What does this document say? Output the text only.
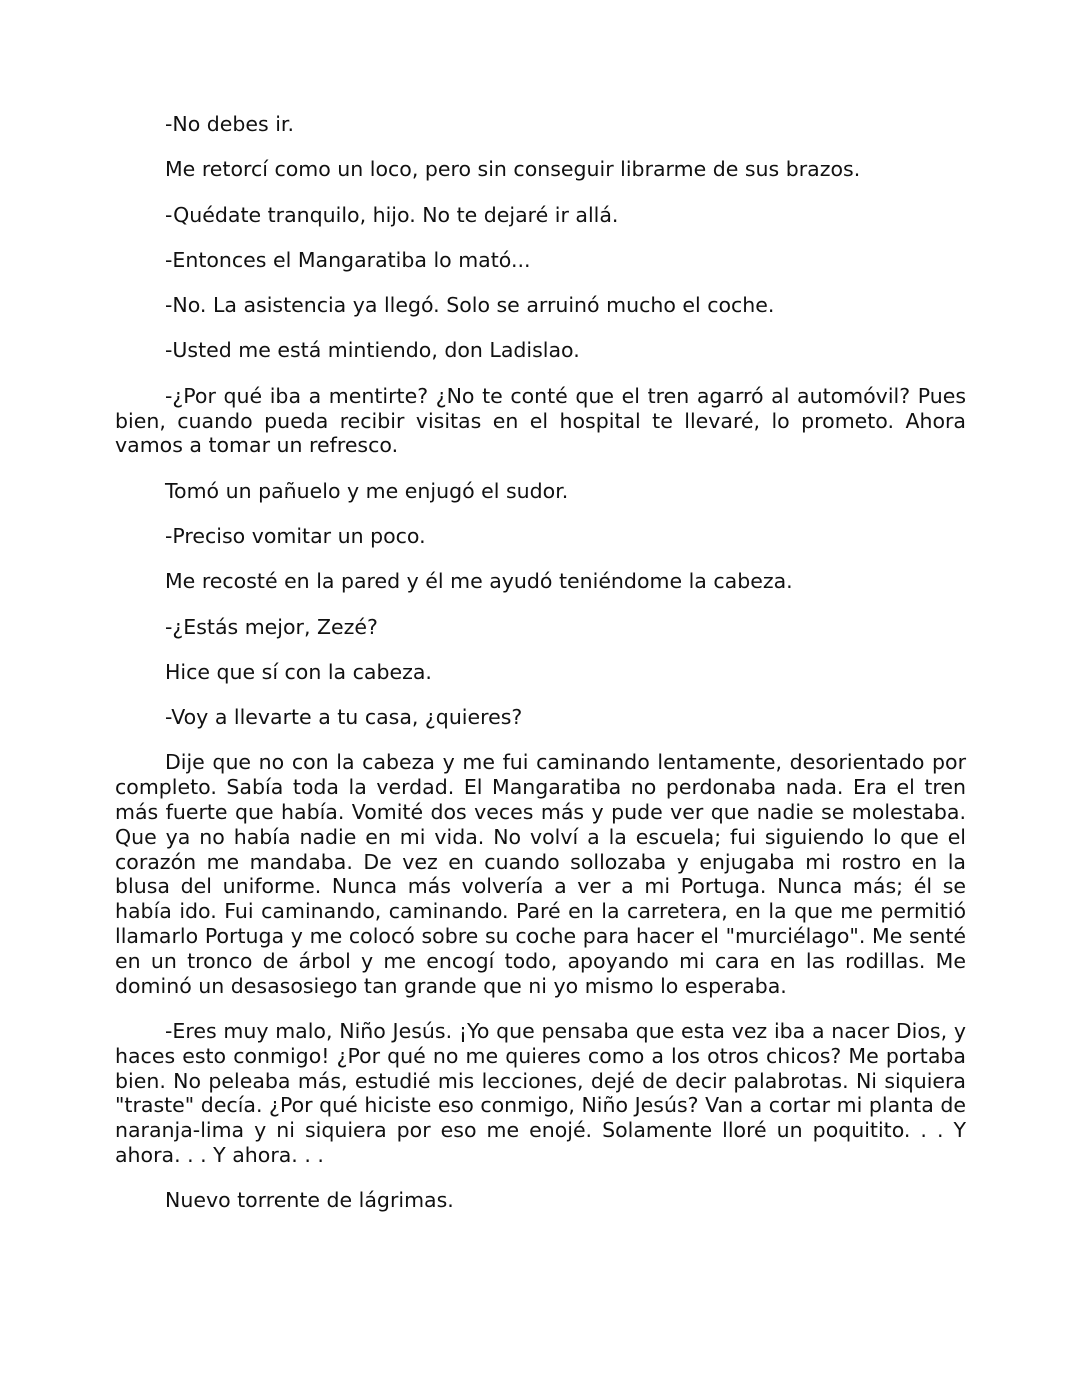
-No debes ir.

Me retorcí como un loco, pero sin conseguir librarme de sus brazos.

-Quédate tranquilo, hijo. No te dejaré ir allá.

-Entonces el Mangaratiba lo mató...

-No. La asistencia ya llegó. Solo se arruinó mucho el coche.

-Usted me está mintiendo, don Ladislao.

-¿Por qué iba a mentirte? ¿No te conté que el tren agarró al automóvil? Pues bien, cuando pueda recibir visitas en el hospital te llevaré, lo prometo. Ahora vamos a tomar un refresco.

Tomó un pañuelo y me enjugó el sudor.

-Preciso vomitar un poco.

Me recosté en la pared y él me ayudó teniéndome la cabeza.

-¿Estás mejor, Zezé?

Hice que sí con la cabeza.

-Voy a llevarte a tu casa, ¿quieres?

Dije que no con la cabeza y me fui caminando lentamente, desorientado por completo. Sabía toda la verdad. El Mangaratiba no perdonaba nada. Era el tren más fuerte que había. Vomité dos veces más y pude ver que nadie se molestaba. Que ya no había nadie en mi vida. No volví a la escuela; fui siguiendo lo que el corazón me mandaba. De vez en cuando sollozaba y enjugaba mi rostro en la blusa del uniforme. Nunca más volvería a ver a mi Portuga. Nunca más; él se había ido. Fui caminando, caminando. Paré en la carretera, en la que me permitió llamarlo Portuga y me colocó sobre su coche para hacer el "murciélago". Me senté en un tronco de árbol y me encogí todo, apoyando mi cara en las rodillas. Me dominó un desasosiego tan grande que ni yo mismo lo esperaba.

-Eres muy malo, Niño Jesús. ¡Yo que pensaba que esta vez iba a nacer Dios, y haces esto conmigo! ¿Por qué no me quieres como a los otros chicos? Me portaba bien. No peleaba más, estudié mis lecciones, dejé de decir palabrotas. Ni siquiera "traste" decía. ¿Por qué hiciste eso conmigo, Niño Jesús? Van a cortar mi planta de naranja-lima y ni siquiera por eso me enojé. Solamente lloré un poquitito. . . Y ahora. . . Y ahora. . .

Nuevo torrente de lágrimas.
